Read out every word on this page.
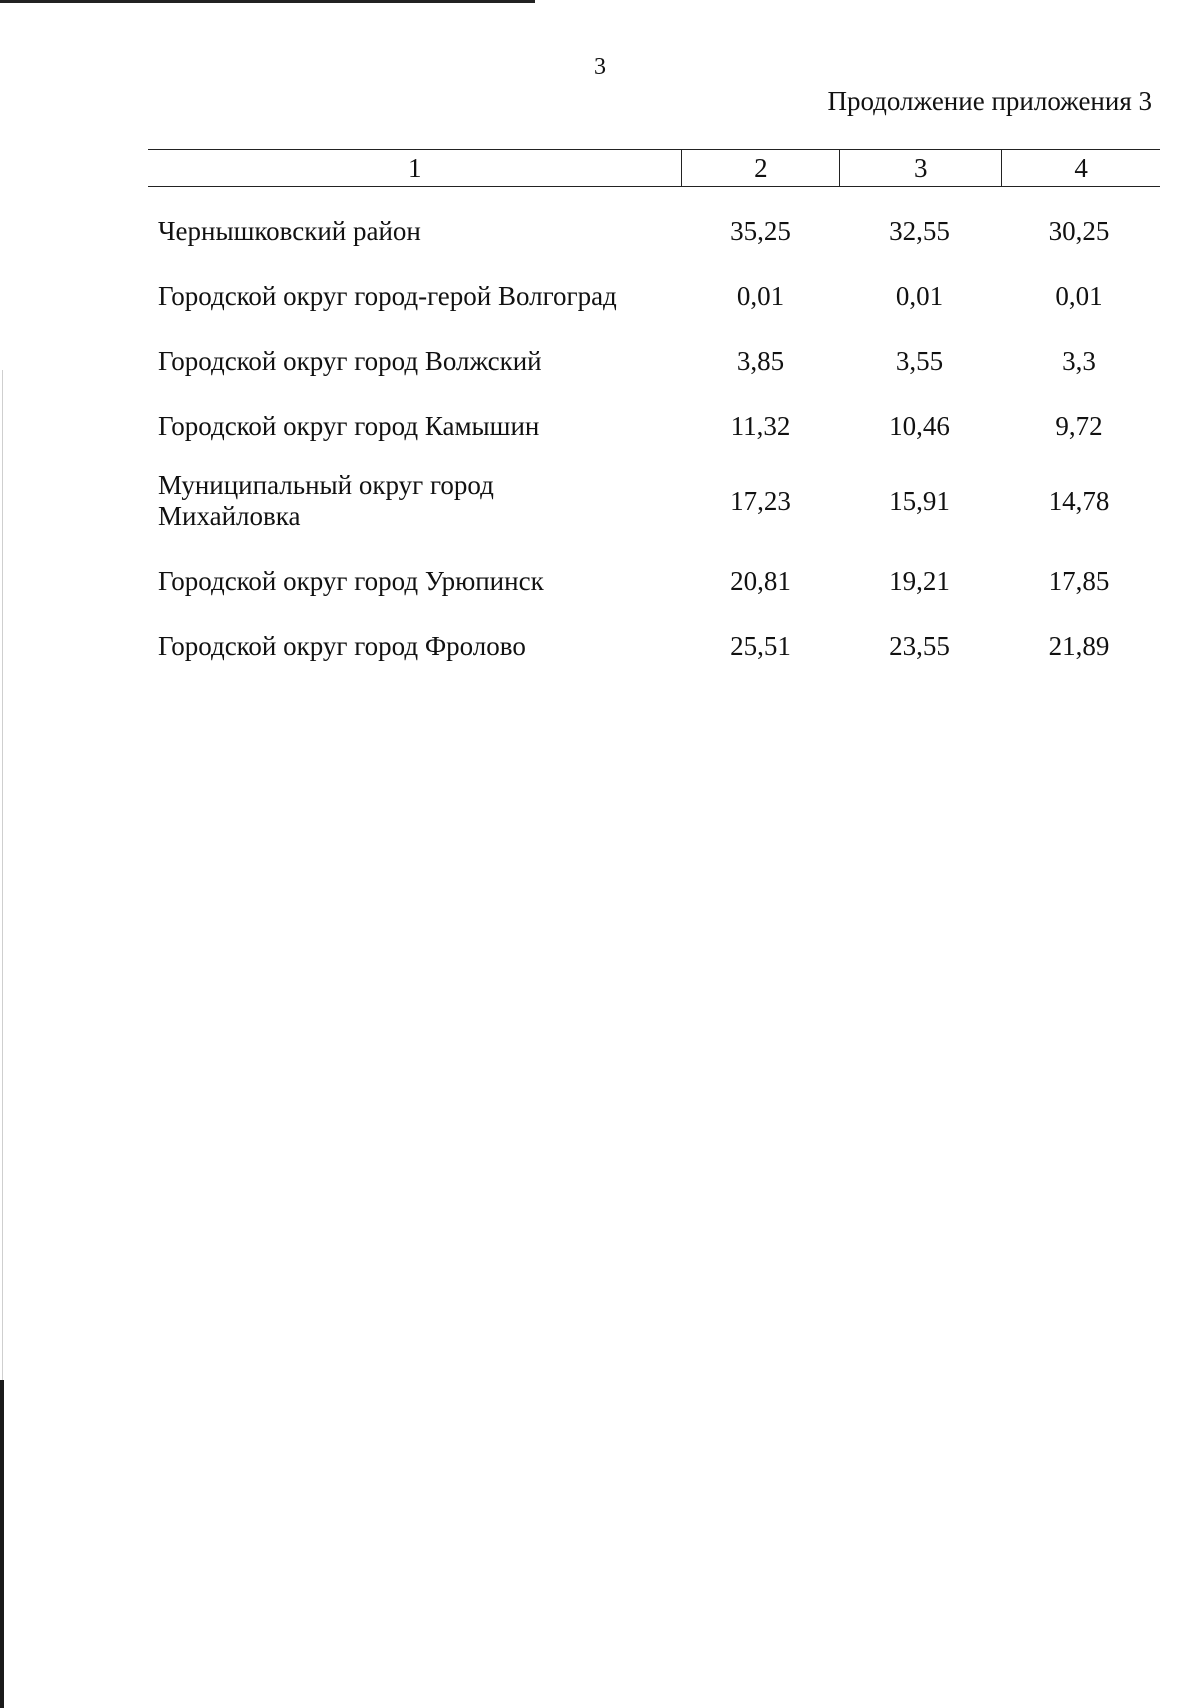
3
Продолжение приложения 3
1	2	3	4
Чернышковский район	35,25	32,55	30,25
Городской округ город-герой Волгоград	0,01	0,01	0,01
Городской округ город Волжский	3,85	3,55	3,3
Городской округ город Камышин	11,32	10,46	9,72
Муниципальный округ город
Михайловка
17,23	15,91	14,78
Городской округ город Урюпинск	20,81	19,21	17,85
Городской округ город Фролово	25,51	23,55	21,89
